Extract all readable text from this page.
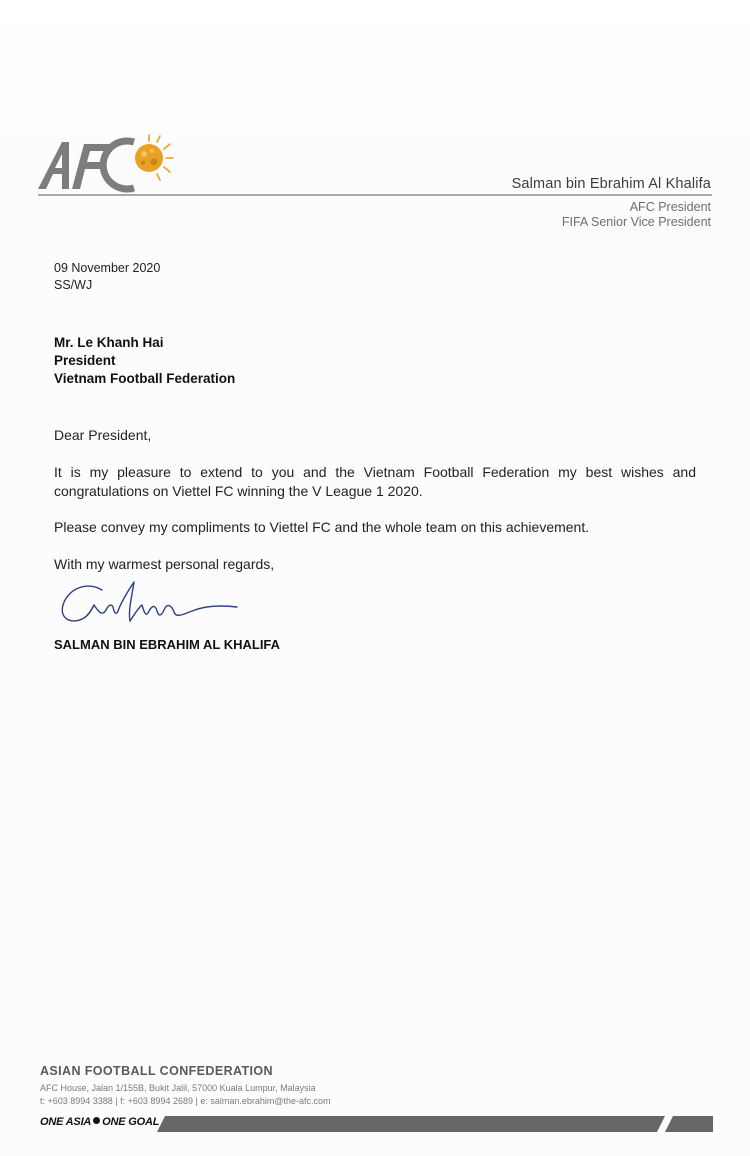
Salman bin Ebrahim Al Khalifa
AFC President
FIFA Senior Vice President
09 November 2020
SS/WJ
Mr. Le Khanh Hai
President
Vietnam Football Federation
Dear President,
It is my pleasure to extend to you and the Vietnam Football Federation my best wishes and
congratulations on Viettel FC winning the V League 1 2020.
Please convey my compliments to Viettel FC and the whole team on this achievement.
With my warmest personal regards,
SALMAN BIN EBRAHIM AL KHALIFA
ASIAN FOOTBALL CONFEDERATION
AFC House, Jalan 1/155B, Bukit Jalil, 57000 Kuala Lumpur, Malaysia
t: +603 8994 3388 | f: +603 8994 2689 | e: salman.ebrahim@the-afc.com
ONE ASIA ONE GOAL
